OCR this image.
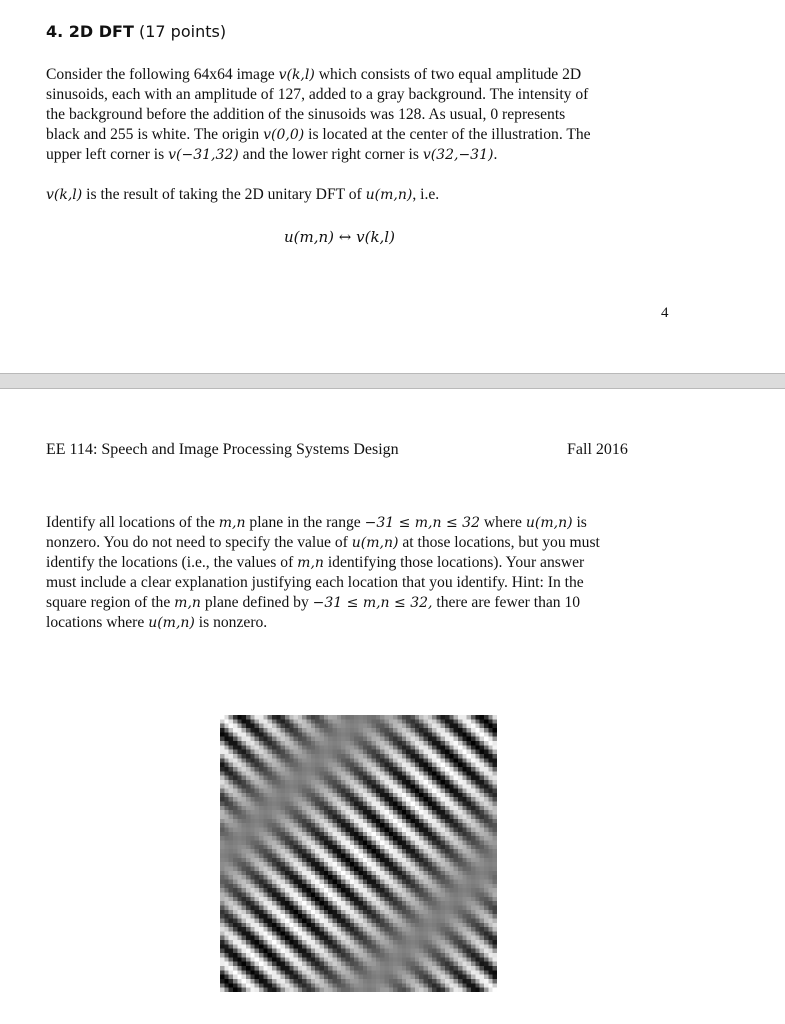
4. 2D DFT (17 points)
Consider the following 64x64 image v(k,l) which consists of two equal amplitude 2D
sinusoids, each with an amplitude of 127, added to a gray background. The intensity of
the background before the addition of the sinusoids was 128. As usual, 0 represents
black and 255 is white. The origin v(0,0) is located at the center of the illustration. The
upper left corner is v(−31,32) and the lower right corner is v(32,−31).
v(k,l) is the result of taking the 2D unitary DFT of u(m,n), i.e.
u(m,n) ↔ v(k,l)
4
EE 114: Speech and Image Processing Systems Design	Fall 2016
Identify all locations of the m,n plane in the range −31 ≤ m,n ≤ 32 where u(m,n) is
nonzero. You do not need to specify the value of u(m,n) at those locations, but you must
identify the locations (i.e., the values of m,n identifying those locations). Your answer
must include a clear explanation justifying each location that you identify. Hint: In the
square region of the m,n plane defined by −31 ≤ m,n ≤ 32, there are fewer than 10
locations where u(m,n) is nonzero.
